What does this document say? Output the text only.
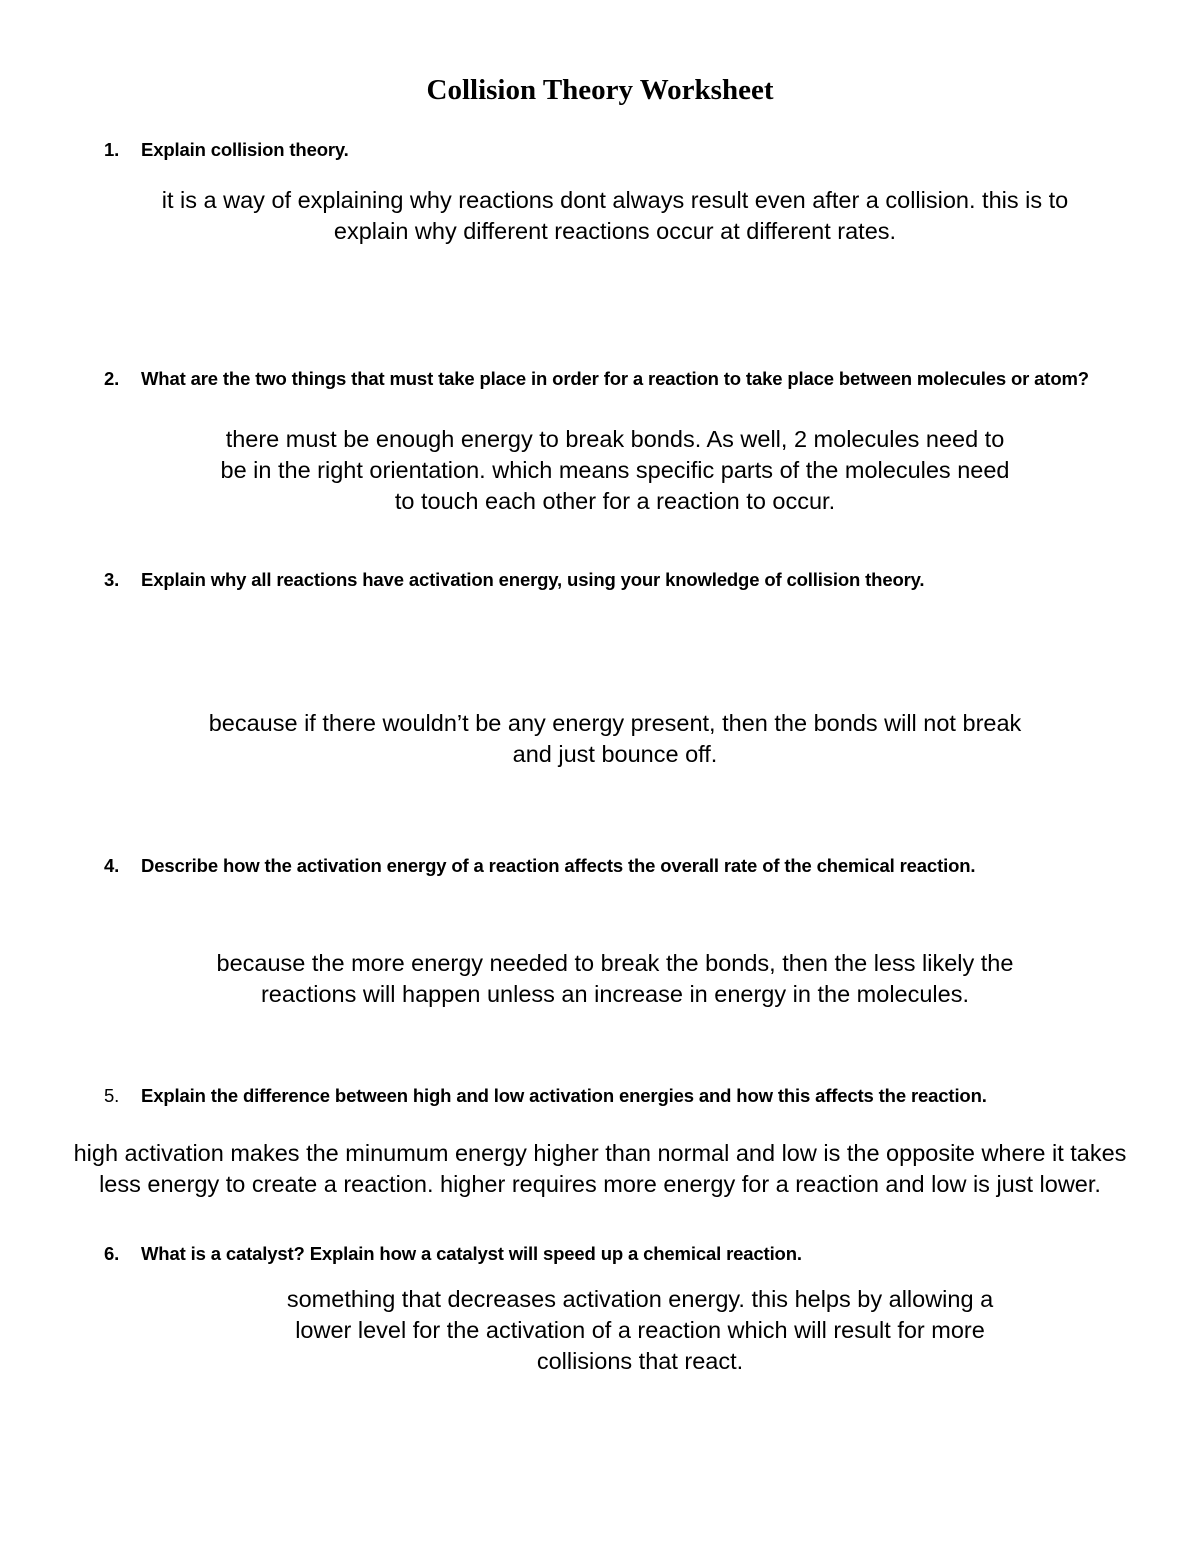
Collision Theory Worksheet
1.	Explain collision theory.
it is a way of explaining why reactions dont always result even after a collision. this is to
explain why different reactions occur at different rates.
2.	What are the two things that must take place in order for a reaction to take place between molecules or atom?
there must be enough energy to break bonds. As well, 2 molecules need to
be in the right orientation. which means specific parts of the molecules need
to touch each other for a reaction to occur.
3.	Explain why all reactions have activation energy, using your knowledge of collision theory.
because if there wouldn’t be any energy present, then the bonds will not break
and just bounce off.
4.	Describe how the activation energy of a reaction affects the overall rate of the chemical reaction.
because the more energy needed to break the bonds, then the less likely the
reactions will happen unless an increase in energy in the molecules.
5.	Explain the difference between high and low activation energies and how this affects the reaction.
high activation makes the minumum energy higher than normal and low is the opposite where it takes
less energy to create a reaction. higher requires more energy for a reaction and low is just lower.
6.	What is a catalyst? Explain how a catalyst will speed up a chemical reaction.
something that decreases activation energy. this helps by allowing a
lower level for the activation of a reaction which will result for more
collisions that react.
